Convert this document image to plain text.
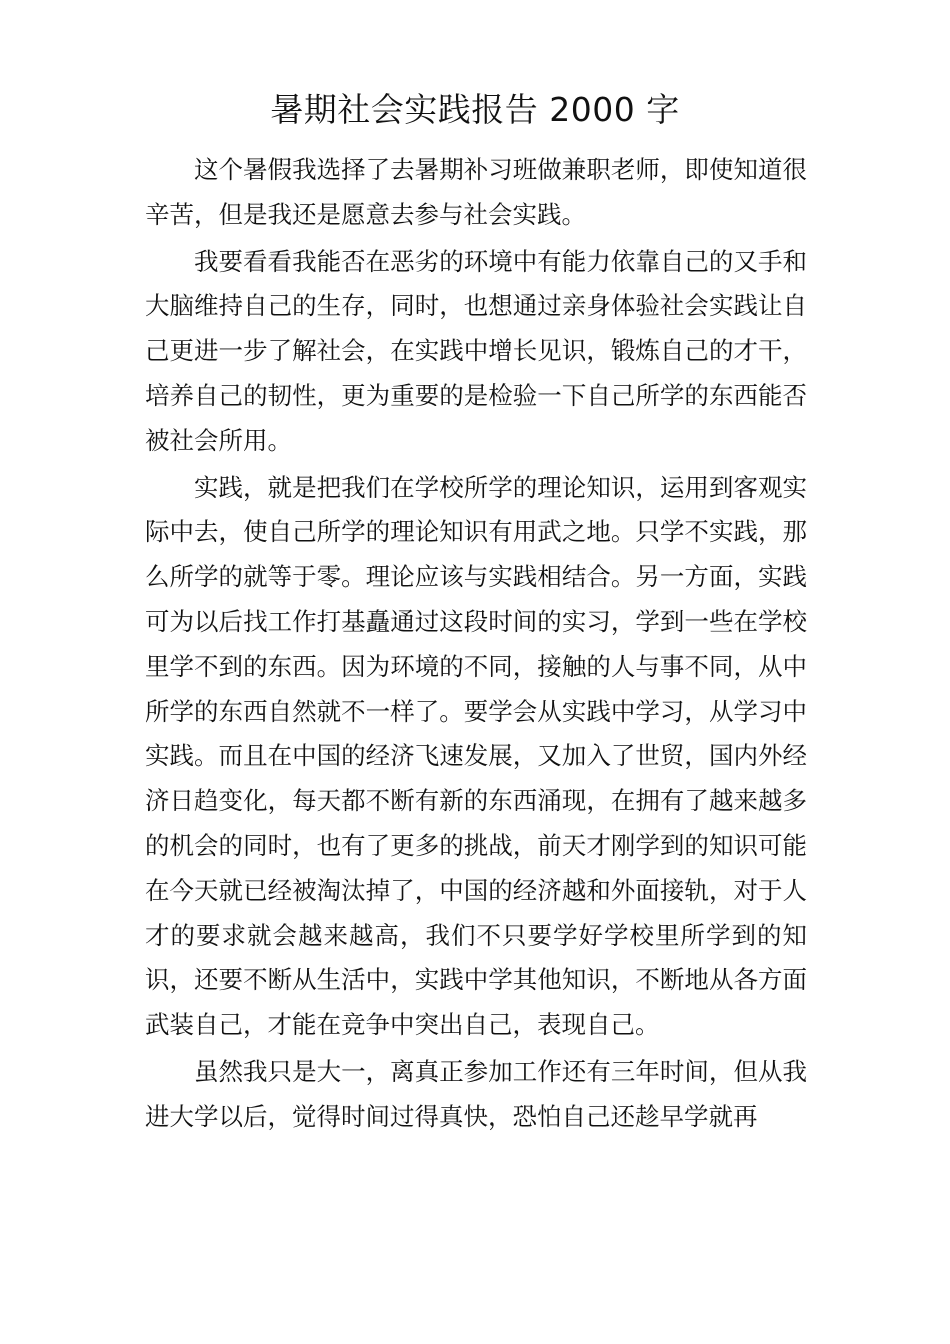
暑期社会实践报告 2000 字

这个暑假我选择了去暑期补习班做兼职老师，即使知道很辛苦，但是我还是愿意去参与社会实践。

我要看看我能否在恶劣的环境中有能力依靠自己的又手和大脑维持自己的生存，同时，也想通过亲身体验社会实践让自己更进一步了解社会，在实践中增长见识，锻炼自己的才干，培养自己的韧性，更为重要的是检验一下自己所学的东西能否被社会所用。

实践，就是把我们在学校所学的理论知识，运用到客观实际中去，使自己所学的理论知识有用武之地。只学不实践，那么所学的就等于零。理论应该与实践相结合。另一方面，实践可为以后找工作打基矗通过这段时间的实习，学到一些在学校里学不到的东西。因为环境的不同，接触的人与事不同，从中所学的东西自然就不一样了。要学会从实践中学习，从学习中实践。而且在中国的经济飞速发展，又加入了世贸，国内外经济日趋变化，每天都不断有新的东西涌现，在拥有了越来越多的机会的同时，也有了更多的挑战，前天才刚学到的知识可能在今天就已经被淘汰掉了，中国的经济越和外面接轨，对于人才的要求就会越来越高，我们不只要学好学校里所学到的知识，还要不断从生活中，实践中学其他知识，不断地从各方面武装自己，才能在竞争中突出自己，表现自己。

虽然我只是大一，离真正参加工作还有三年时间，但从我进大学以后，觉得时间过得真快，恐怕自己还趁早学就再
